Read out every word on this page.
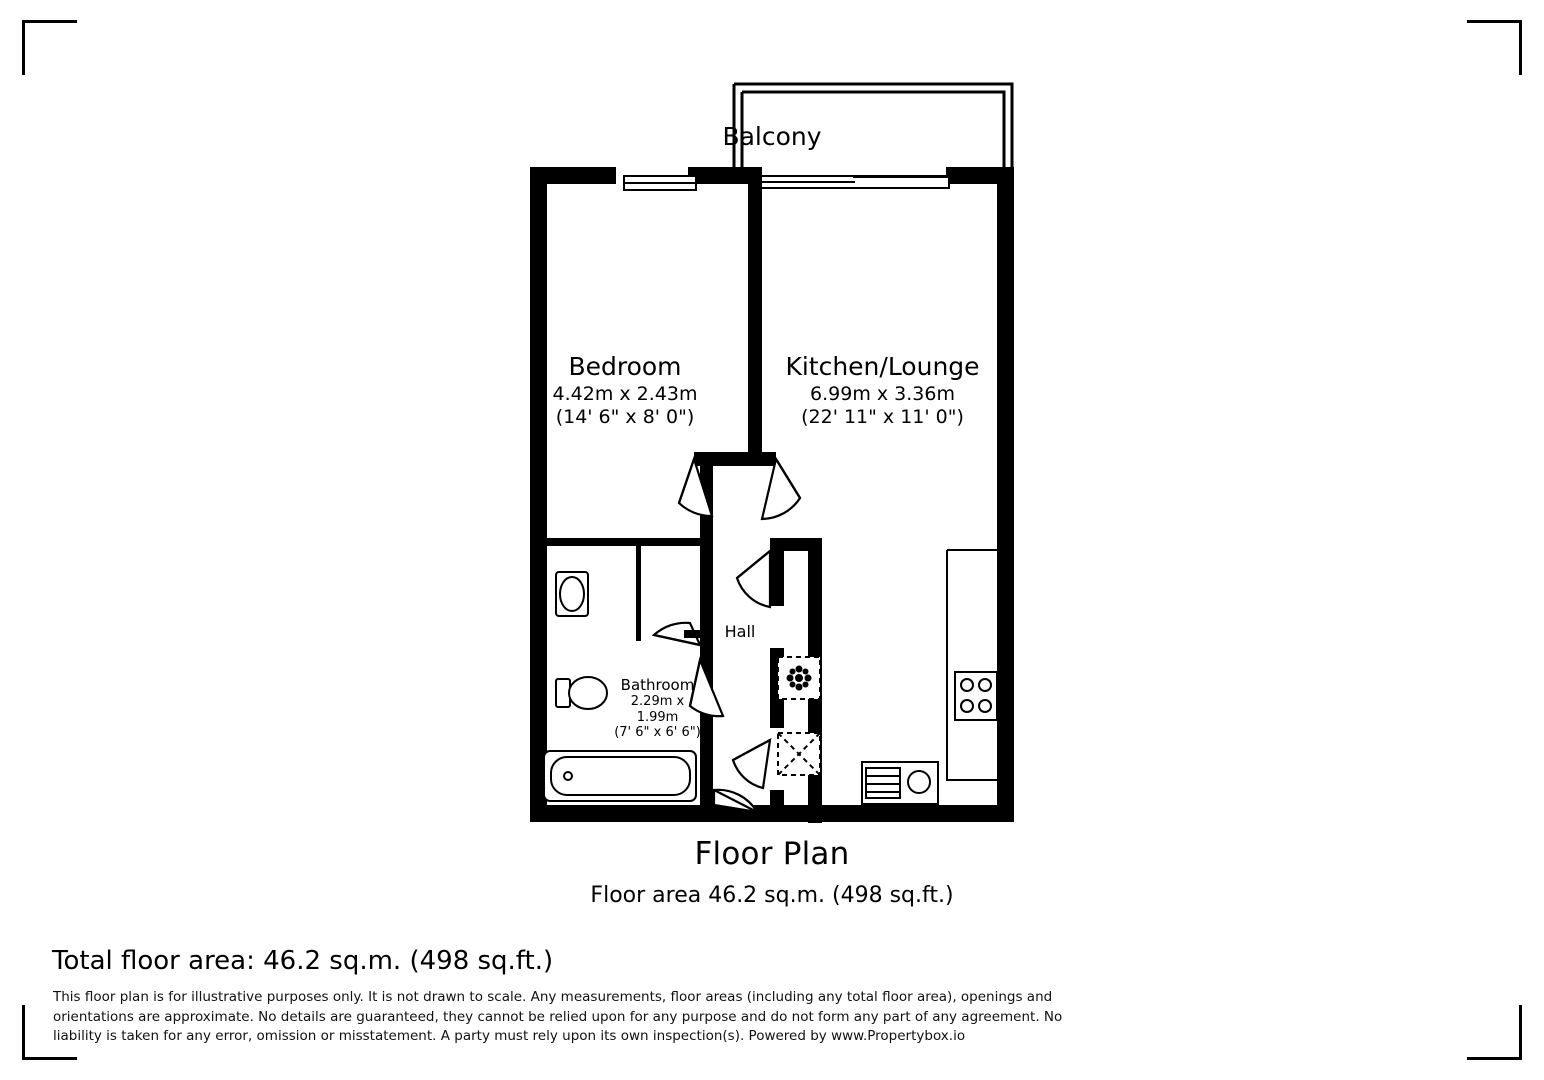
Balcony
Bedroom
4.42m x 2.43m
(14' 6" x 8' 0")
Kitchen/Lounge
6.99m x 3.36m
(22' 11" x 11' 0")
Bathroom
2.29m x
1.99m
(7' 6" x 6' 6")
Hall
Floor Plan
Floor area 46.2 sq.m. (498 sq.ft.)
Total floor area: 46.2 sq.m. (498 sq.ft.)
This floor plan is for illustrative purposes only. It is not drawn to scale. Any measurements, floor areas (including any total floor area), openings and orientations are approximate. No details are guaranteed, they cannot be relied upon for any purpose and do not form any part of any agreement. No liability is taken for any error, omission or misstatement. A party must rely upon its own inspection(s). Powered by www.Propertybox.io
